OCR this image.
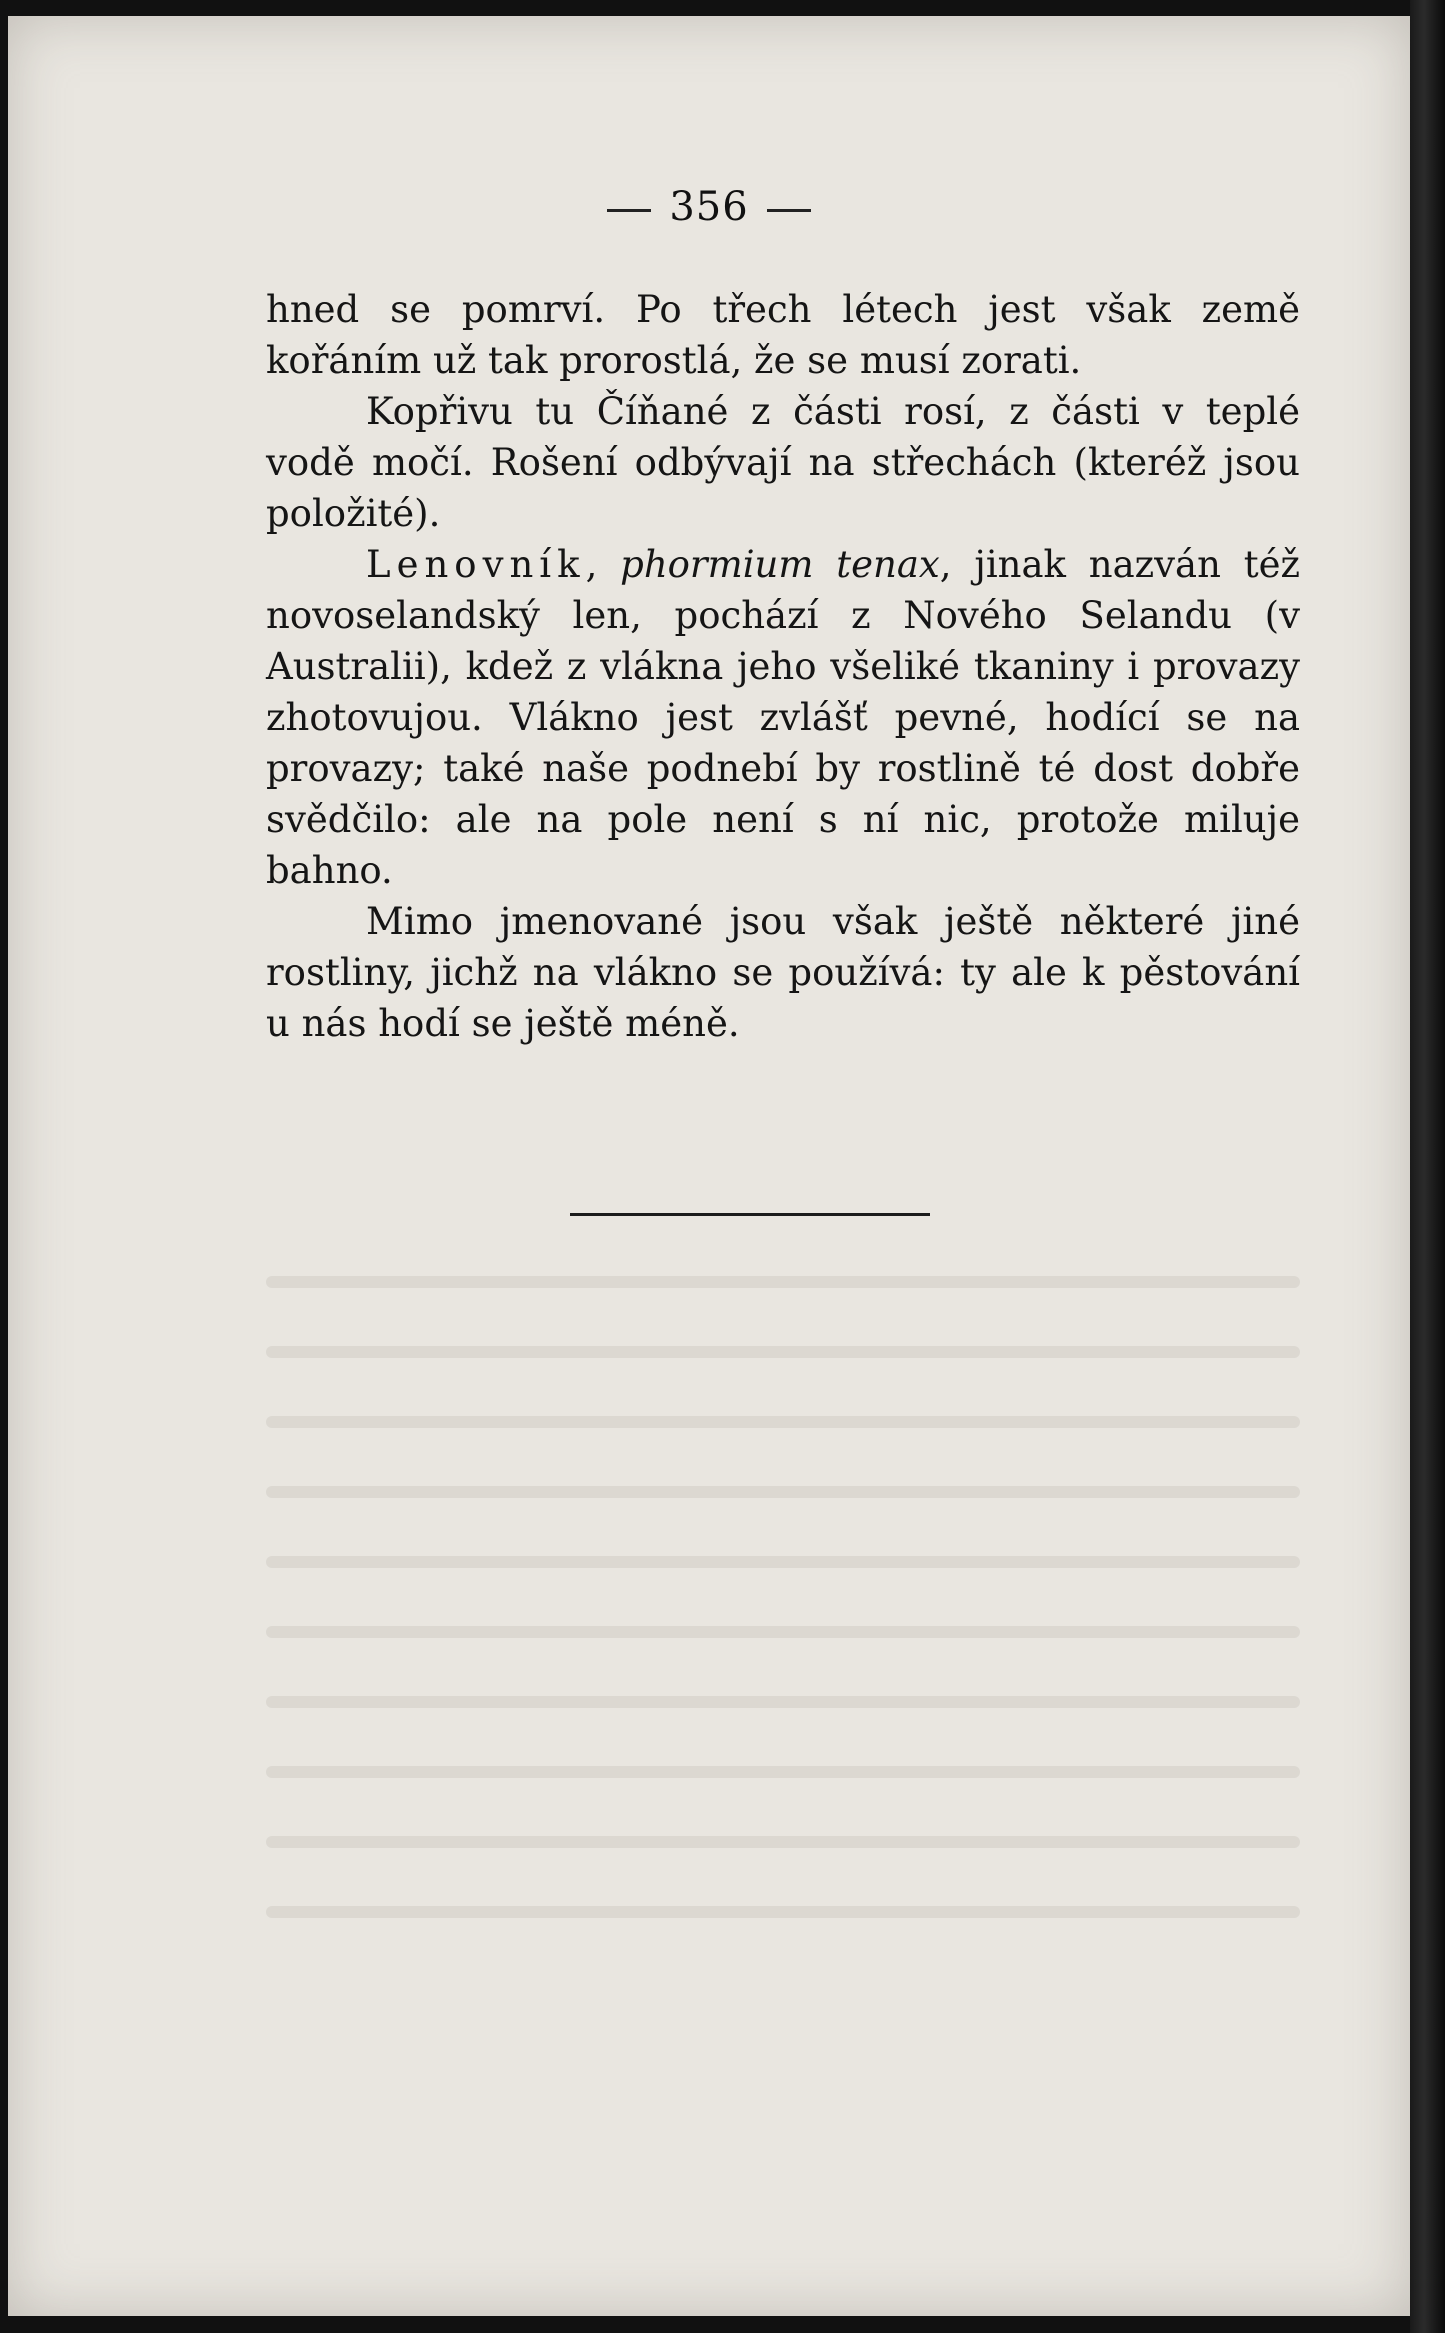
356

hned se pomrví. Po třech létech jest však země kořáním už tak prorostlá, že se musí zorati.

Kopřivu tu Číňané z části rosí, z části v teplé vodě močí. Rošení odbývají na střechách (kteréž jsou položité).

Lenovník, phormium tenax, jinak nazván též novoselandský len, pochází z Nového Selandu (v Australii), kdež z vlákna jeho všeliké tkaniny i provazy zhotovujou. Vlákno jest zvlášť pevné, hodící se na provazy; také naše podnebí by rostlině té dost dobře svědčilo: ale na pole není s ní nic, protože miluje bahno.

Mimo jmenované jsou však ještě některé jiné rostliny, jichž na vlákno se používá: ty ale k pěstování u nás hodí se ještě méně.
